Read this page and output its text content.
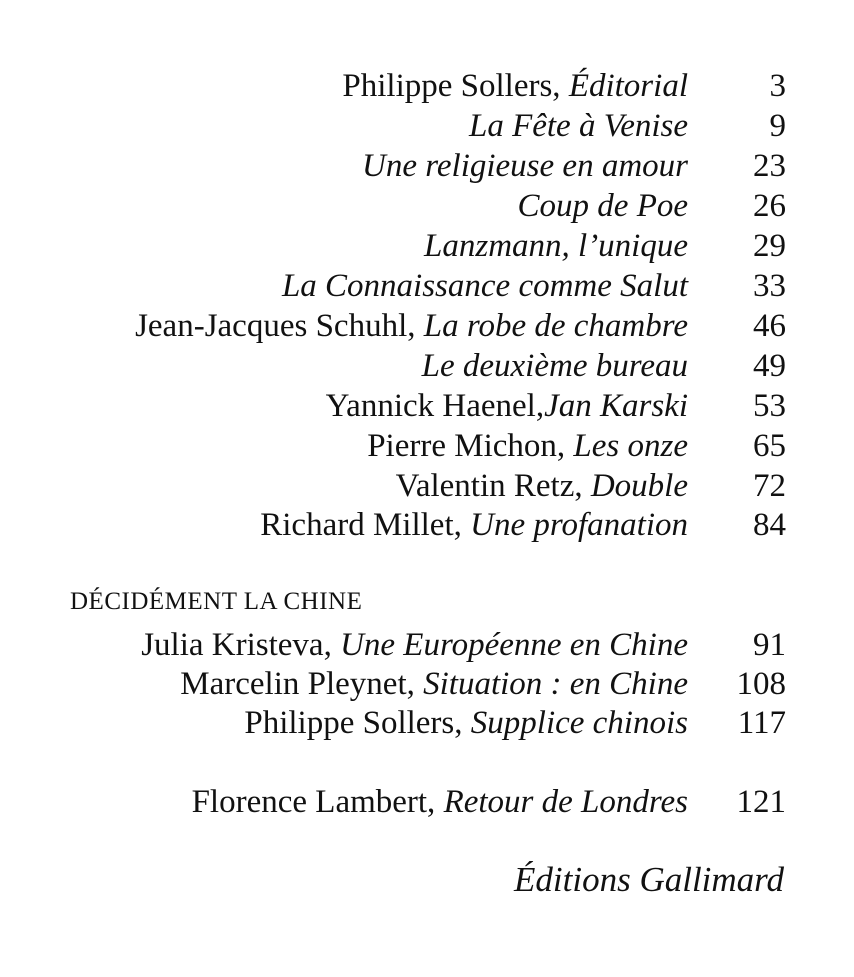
Philippe Sollers, Éditorial 3
La Fête à Venise 9
Une religieuse en amour 23
Coup de Poe 26
Lanzmann, l’unique 29
La Connaissance comme Salut 33
Jean-Jacques Schuhl, La robe de chambre 46
Le deuxième bureau 49
Yannick Haenel,Jan Karski 53
Pierre Michon, Les onze 65
Valentin Retz, Double 72
Richard Millet, Une profanation 84
DÉCIDÉMENT LA CHINE
Julia Kristeva, Une Européenne en Chine 91
Marcelin Pleynet, Situation : en Chine 108
Philippe Sollers, Supplice chinois 117
Florence Lambert, Retour de Londres 121
Éditions Gallimard
